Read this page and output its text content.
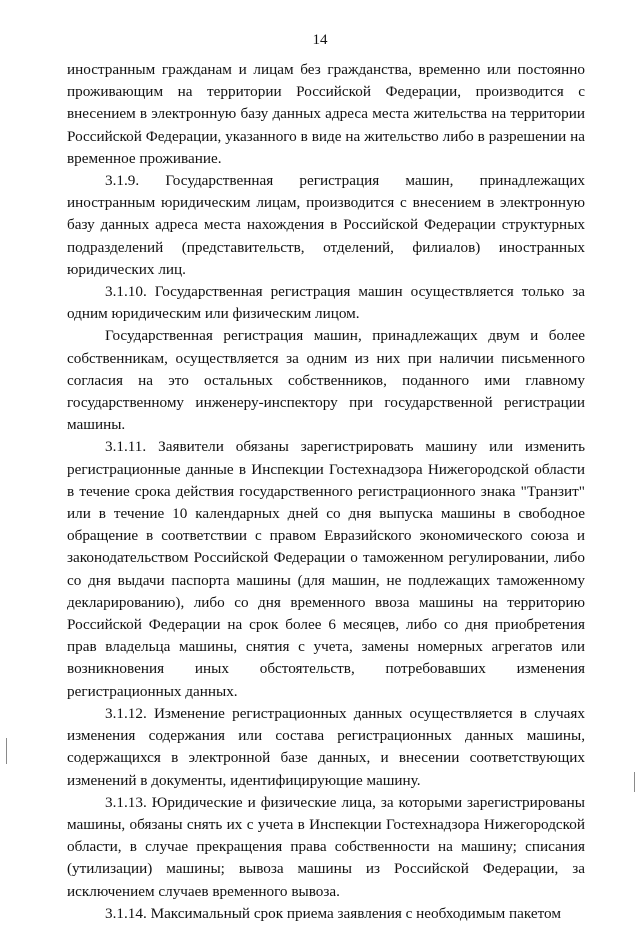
14

иностранным гражданам и лицам без гражданства, временно или постоянно проживающим на территории Российской Федерации, производится с внесением в электронную базу данных адреса места жительства на территории Российской Федерации, указанного в виде на жительство либо в разрешении на временное проживание.

3.1.9. Государственная регистрация машин, принадлежащих иностранным юридическим лицам, производится с внесением в электронную базу данных адреса места нахождения в Российской Федерации структурных подразделений (представительств, отделений, филиалов) иностранных юридических лиц.

3.1.10. Государственная регистрация машин осуществляется только за одним юридическим или физическим лицом.

Государственная регистрация машин, принадлежащих двум и более собственникам, осуществляется за одним из них при наличии письменного согласия на это остальных собственников, поданного ими главному государственному инженеру-инспектору при государственной регистрации машины.

3.1.11. Заявители обязаны зарегистрировать машину или изменить регистрационные данные в Инспекции Гостехнадзора Нижегородской области в течение срока действия государственного регистрационного знака "Транзит" или в течение 10 календарных дней со дня выпуска машины в свободное обращение в соответствии с правом Евразийского экономического союза и законодательством Российской Федерации о таможенном регулировании, либо со дня выдачи паспорта машины (для машин, не подлежащих таможенному декларированию), либо со дня временного ввоза машины на территорию Российской Федерации на срок более 6 месяцев, либо со дня приобретения прав владельца машины, снятия с учета, замены номерных агрегатов или возникновения иных обстоятельств, потребовавших изменения регистрационных данных.

3.1.12. Изменение регистрационных данных осуществляется в случаях изменения содержания или состава регистрационных данных машины, содержащихся в электронной базе данных, и внесении соответствующих изменений в документы, идентифицирующие машину.

3.1.13. Юридические и физические лица, за которыми зарегистрированы машины, обязаны снять их с учета в Инспекции Гостехнадзора Нижегородской области, в случае прекращения права собственности на машину; списания (утилизации) машины; вывоза машины из Российской Федерации, за исключением случаев временного вывоза.

3.1.14. Максимальный срок приема заявления с необходимым пакетом
